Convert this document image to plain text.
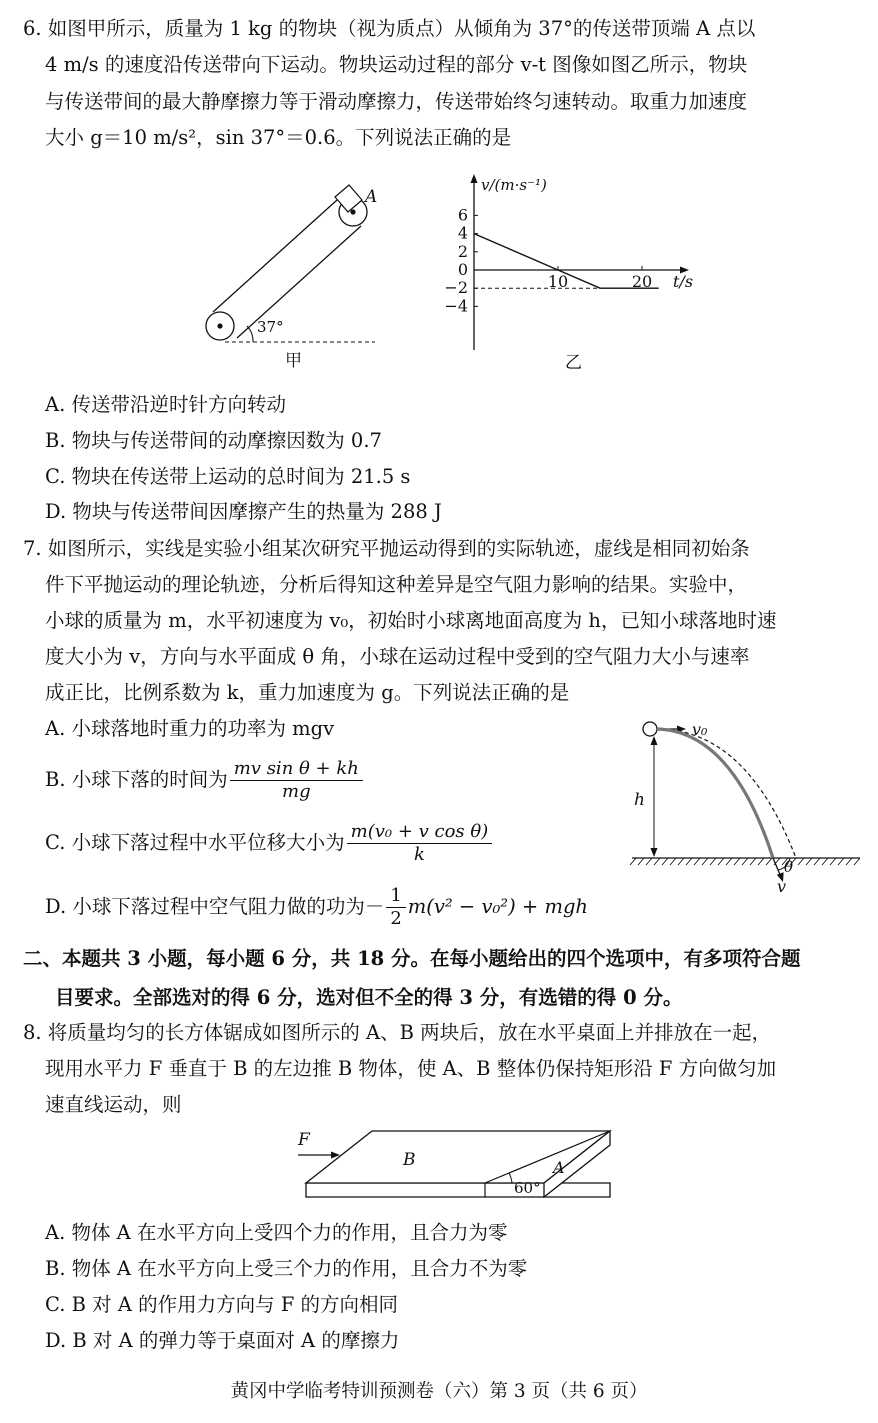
6. 如图甲所示，质量为 1 kg 的物块（视为质点）从倾角为 37°的传送带顶端 A 点以
4 m/s 的速度沿传送带向下运动。物块运动过程的部分 v-t 图像如图乙所示，物块
与传送带间的最大静摩擦力等于滑动摩擦力，传送带始终匀速转动。取重力加速度
大小 g＝10 m/s²，sin 37°＝0.6。下列说法正确的是
A
37°
甲
6
4
2
0
−2
−4
10	20
v/(m·s⁻¹)
t/s
乙
A. 传送带沿逆时针方向转动
B. 物块与传送带间的动摩擦因数为 0.7
C. 物块在传送带上运动的总时间为 21.5 s
D. 物块与传送带间因摩擦产生的热量为 288 J
7. 如图所示，实线是实验小组某次研究平抛运动得到的实际轨迹，虚线是相同初始条
件下平抛运动的理论轨迹，分析后得知这种差异是空气阻力影响的结果。实验中，
小球的质量为 m，水平初速度为 v₀，初始时小球离地面高度为 h，已知小球落地时速
度大小为 v，方向与水平面成 θ 角，小球在运动过程中受到的空气阻力大小与速率
成正比，比例系数为 k，重力加速度为 g。下列说法正确的是
A. 小球落地时重力的功率为 mgv
B. 小球下落的时间为 $\frac{\text{mv sin θ + kh}}{mg}$
C. 小球下落过程中水平位移大小为 $\frac{\text{m(v₀ + v cos θ)}}{k}$
D. 小球下落过程中空气阻力做的功为－ $\frac{1}{2} m(v^2 - v_0^2)$ + mgh
v₀
h
θ
v
二、本题共 3 小题，每小题 6 分，共 18 分。在每小题给出的四个选项中，有多项符合题
目要求。全部选对的得 6 分，选对但不全的得 3 分，有选错的得 0 分。
8. 将质量均匀的长方体锯成如图所示的 A、B 两块后，放在水平桌面上并排放在一起，
现用水平力 F 垂直于 B 的左边推 B 物体，使 A、B 整体仍保持矩形沿 F 方向做匀加
速直线运动，则
F
B	A
60°
A. 物体 A 在水平方向上受四个力的作用，且合力为零
B. 物体 A 在水平方向上受三个力的作用，且合力不为零
C. B 对 A 的作用力方向与 F 的方向相同
D. B 对 A 的弹力等于桌面对 A 的摩擦力
黄冈中学临考特训预测卷（六）第 3 页（共 6 页）
